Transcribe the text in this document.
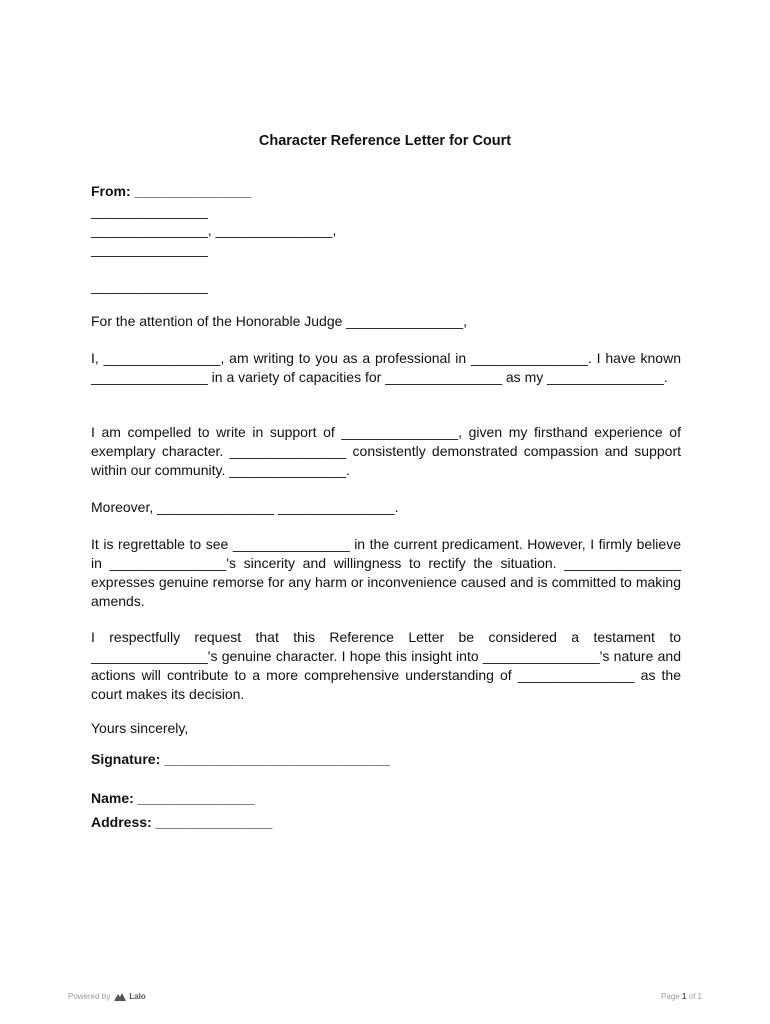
Character Reference Letter for Court
From: _______________
_______________
_______________, _______________,
_______________
_______________
For the attention of the Honorable Judge _______________,
I, _______________, am writing to you as a professional in _______________. I have known _______________ in a variety of capacities for _______________ as my _______________.
I am compelled to write in support of _______________, given my firsthand experience of exemplary character. _______________ consistently demonstrated compassion and support within our community. _______________.
Moreover, _______________ _______________.
It is regrettable to see _______________ in the current predicament. However, I firmly believe in _______________'s sincerity and willingness to rectify the situation. _______________ expresses genuine remorse for any harm or inconvenience caused and is committed to making amends.
I respectfully request that this Reference Letter be considered a testament to _______________'s genuine character. I hope this insight into _______________'s nature and actions will contribute to a more comprehensive understanding of _______________ as the court makes its decision.
Yours sincerely,
Signature: _____________________________
Name: _______________
Address: _______________
Powered by Lalo	Page 1 of 1
